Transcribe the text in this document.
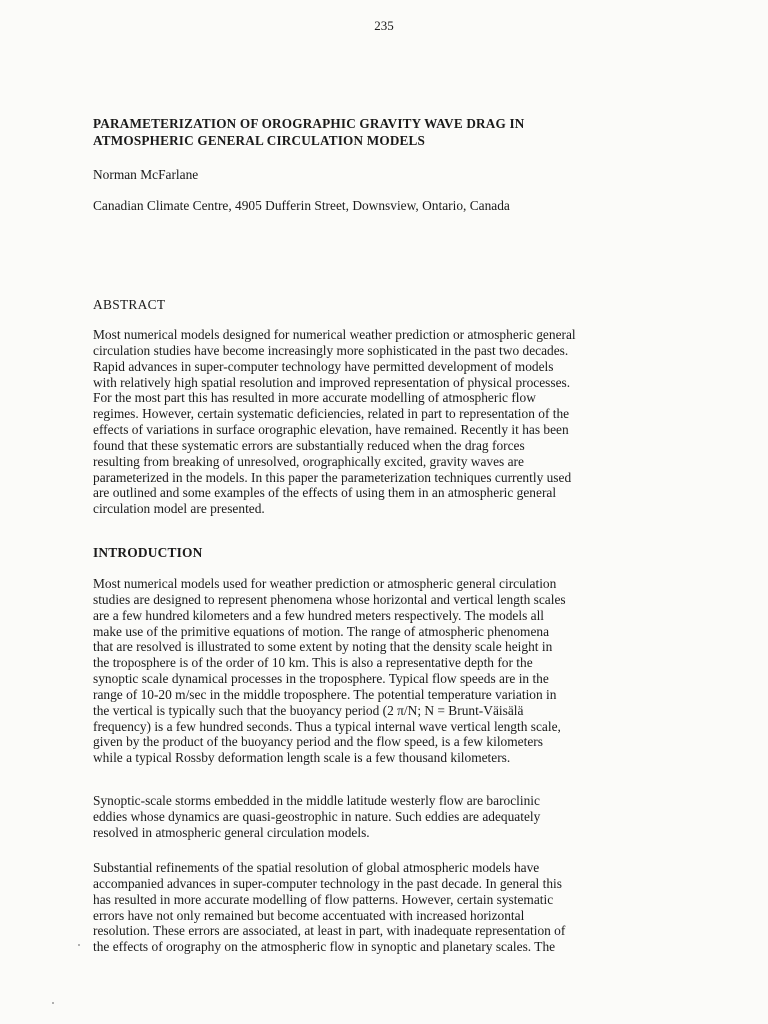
235
PARAMETERIZATION OF OROGRAPHIC GRAVITY WAVE DRAG IN
ATMOSPHERIC GENERAL CIRCULATION MODELS
Norman McFarlane
Canadian Climate Centre, 4905 Dufferin Street, Downsview, Ontario, Canada
ABSTRACT
Most numerical models designed for numerical weather prediction or atmospheric general
circulation studies have become increasingly more sophisticated in the past two decades.
Rapid advances in super-computer technology have permitted development of models
with relatively high spatial resolution and improved representation of physical processes.
For the most part this has resulted in more accurate modelling of atmospheric flow
regimes. However, certain systematic deficiencies, related in part to representation of the
effects of variations in surface orographic elevation, have remained. Recently it has been
found that these systematic errors are substantially reduced when the drag forces
resulting from breaking of unresolved, orographically excited, gravity waves are
parameterized in the models. In this paper the parameterization techniques currently used
are outlined and some examples of the effects of using them in an atmospheric general
circulation model are presented.
INTRODUCTION
Most numerical models used for weather prediction or atmospheric general circulation
studies are designed to represent phenomena whose horizontal and vertical length scales
are a few hundred kilometers and a few hundred meters respectively. The models all
make use of the primitive equations of motion. The range of atmospheric phenomena
that are resolved is illustrated to some extent by noting that the density scale height in
the troposphere is of the order of 10 km. This is also a representative depth for the
synoptic scale dynamical processes in the troposphere. Typical flow speeds are in the
range of 10-20 m/sec in the middle troposphere. The potential temperature variation in
the vertical is typically such that the buoyancy period (2 π/N; N = Brunt-Väisälä
frequency) is a few hundred seconds. Thus a typical internal wave vertical length scale,
given by the product of the buoyancy period and the flow speed, is a few kilometers
while a typical Rossby deformation length scale is a few thousand kilometers.
Synoptic-scale storms embedded in the middle latitude westerly flow are baroclinic
eddies whose dynamics are quasi-geostrophic in nature. Such eddies are adequately
resolved in atmospheric general circulation models.
Substantial refinements of the spatial resolution of global atmospheric models have
accompanied advances in super-computer technology in the past decade. In general this
has resulted in more accurate modelling of flow patterns. However, certain systematic
errors have not only remained but become accentuated with increased horizontal
resolution. These errors are associated, at least in part, with inadequate representation of
the effects of orography on the atmospheric flow in synoptic and planetary scales. The
